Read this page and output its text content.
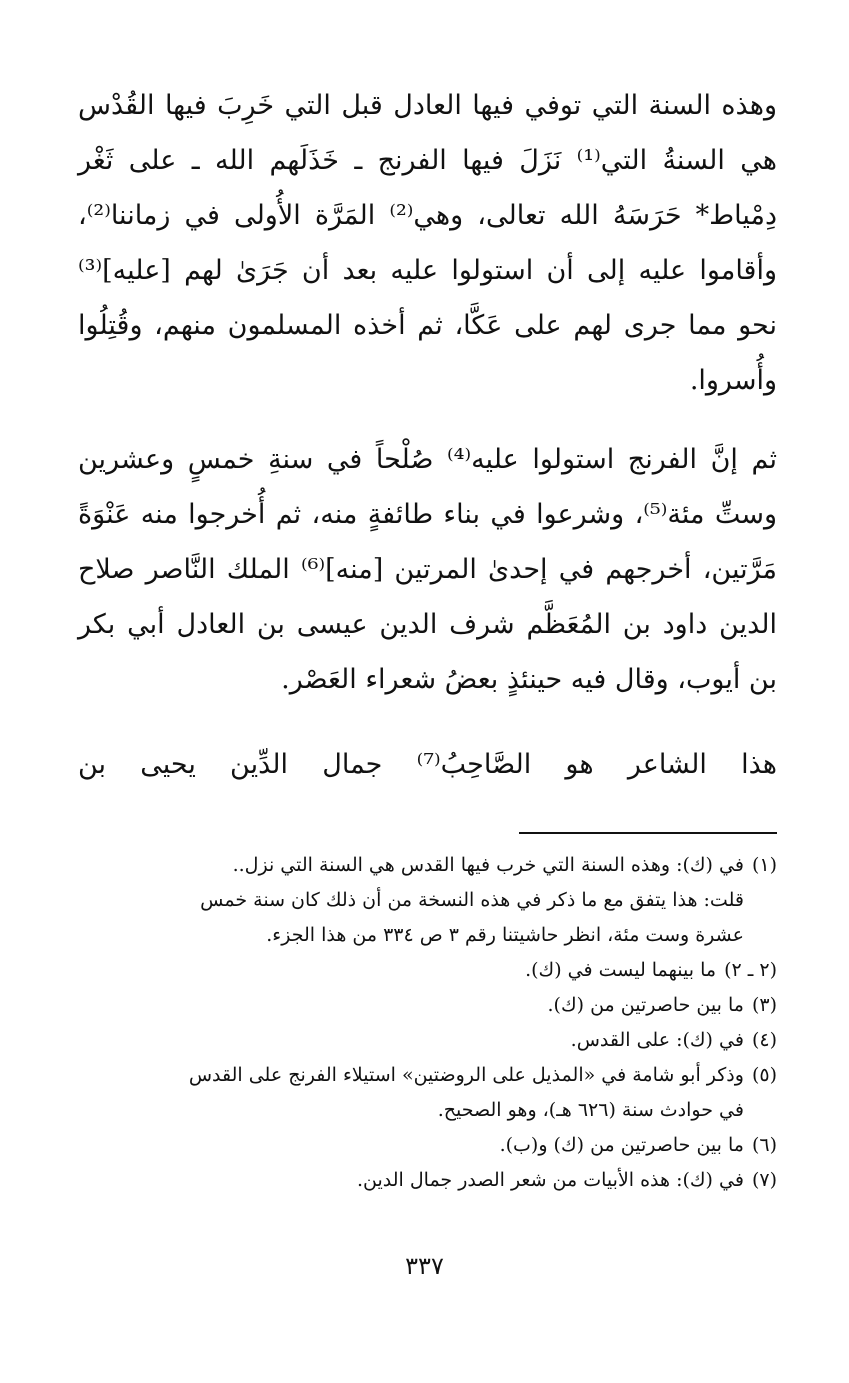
وهذه السنة التي توفي فيها العادل قبل التي خَرِبَ فيها القُدْس هي السنةُ التي⁽¹⁾ نَزَلَ فيها الفرنج ـ خَذَلَهم الله ـ على ثَغْر دِمْياط* حَرَسَهُ الله تعالى، وهي⁽²⁾ المَرَّة الأُولى في زماننا⁽²⁾، وأقاموا عليه إلى أن استولوا عليه بعد أن جَرَىٰ لهم [عليه]⁽³⁾ نحو مما جرى لهم على عَكَّا، ثم أخذه المسلمون منهم، وقُتِلُوا وأُسروا.

ثم إنَّ الفرنج استولوا عليه⁽⁴⁾ صُلْحاً في سنةِ خمسٍ وعشرين وستِّ مئة⁽⁵⁾، وشرعوا في بناء طائفةٍ منه، ثم أُخرجوا منه عَنْوَةً مَرَّتين، أخرجهم في إحدىٰ المرتين [منه]⁽⁶⁾ الملك النَّاصر صلاح الدين داود بن المُعَظَّم شرف الدين عيسى بن العادل أبي بكر بن أيوب، وقال فيه حينئذٍ بعضُ شعراء العَصْر.

هذا الشاعر هو الصَّاحِبُ⁽⁷⁾ جمال الدِّين يحيى بن

(١)
في (ك): وهذه السنة التي خرب فيها القدس هي السنة التي نزل..
قلت: هذا يتفق مع ما ذكر في هذه النسخة من أن ذلك كان سنة خمس
عشرة وست مئة، انظر حاشيتنا رقم ٣ ص ٣٣٤ من هذا الجزء.
(٢ ـ ٢)
ما بينهما ليست في (ك).
(٣)
ما بين حاصرتين من (ك).
(٤)
في (ك): على القدس.
(٥)
وذكر أبو شامة في «المذيل على الروضتين» استيلاء الفرنج على القدس
في حوادث سنة (٦٢٦ هـ)، وهو الصحيح.
(٦)
ما بين حاصرتين من (ك) و(ب).
(٧)
في (ك): هذه الأبيات من شعر الصدر جمال الدين.
٣٣٧
